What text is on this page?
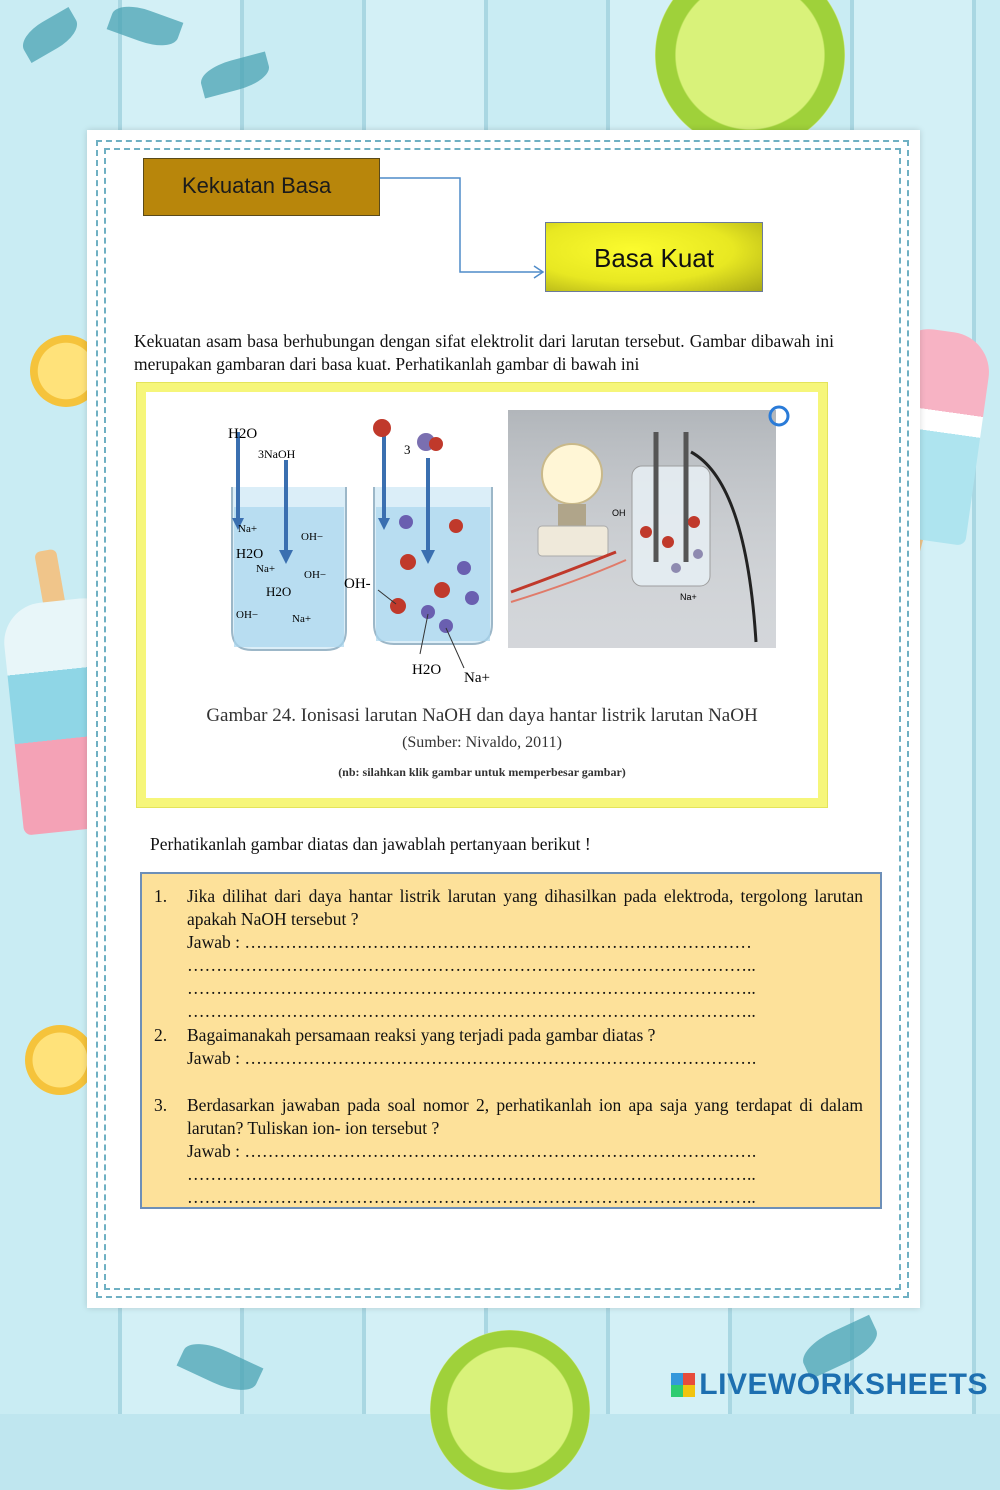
Kekuatan Basa
Basa Kuat
Kekuatan asam basa berhubungan dengan sifat elektrolit dari larutan tersebut. Gambar dibawah ini merupakan gambaran dari basa kuat. Perhatikanlah gambar di bawah ini
H2O
3NaOH
Na+
OH−
H2O
Na+	OH−
H2O
OH−	Na+
3
OH-
H2O Na+
OH
Na+
Gambar 24. Ionisasi larutan NaOH dan daya hantar listrik larutan NaOH
(Sumber: Nivaldo, 2011)
(nb: silahkan klik gambar untuk memperbesar gambar)
Perhatikanlah gambar diatas dan jawablah pertanyaan berikut !
1. Jika dilihat dari daya hantar listrik larutan yang dihasilkan pada elektroda, tergolong larutan apakah NaOH tersebut ?
Jawab : ……………………………………………………………………………
……………………………………………………………………………………..
……………………………………………………………………………………..
……………………………………………………………………………………..
2. Bagaimanakah persamaan reaksi yang terjadi pada gambar diatas ?
Jawab : …………………………………………………………………………….
3. Berdasarkan jawaban pada soal nomor 2, perhatikanlah ion apa saja yang terdapat di dalam larutan? Tuliskan ion- ion tersebut ?
Jawab : …………………………………………………………………………….
……………………………………………………………………………………..
……………………………………………………………………………………..
LIVEWORKSHEETS
